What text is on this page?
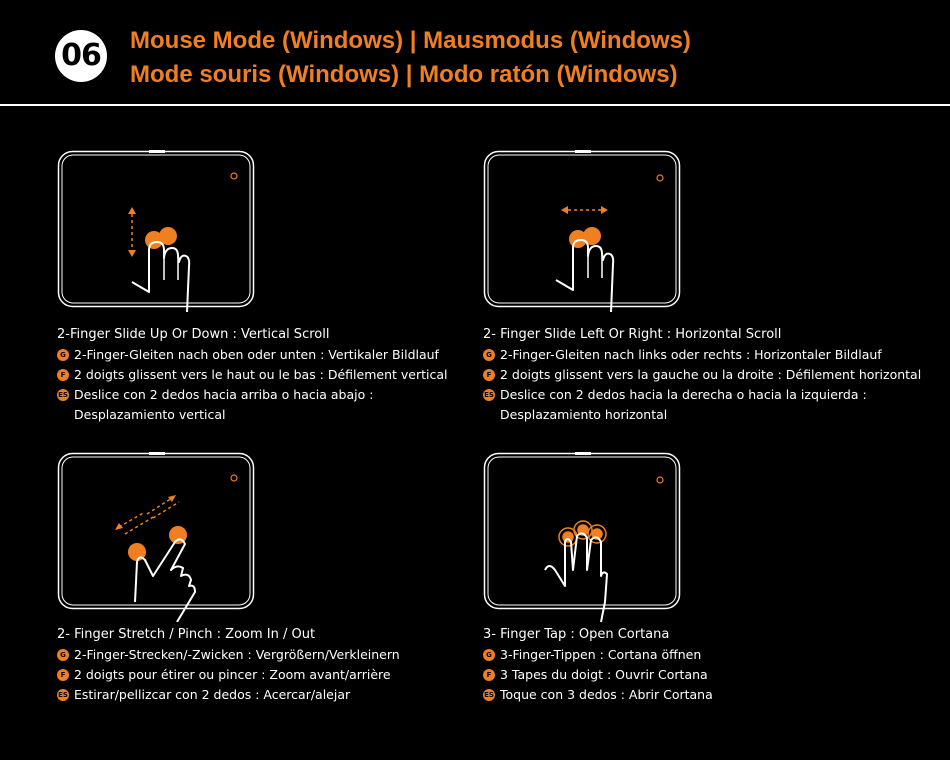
06 Mouse Mode (Windows) | Mausmodus (Windows)
Mode souris (Windows) | Modo ratón (Windows)
2-Finger Slide Up Or Down : Vertical Scroll
G 2-Finger-Gleiten nach oben oder unten : Vertikaler Bildlauf
F 2 doigts glissent vers le haut ou le bas : Défilement vertical
ES Deslice con 2 dedos hacia arriba o hacia abajo : Desplazamiento vertical
2- Finger Slide Left Or Right : Horizontal Scroll
G 2-Finger-Gleiten nach links oder rechts : Horizontaler Bildlauf
F 2 doigts glissent vers la gauche ou la droite : Défilement horizontal
ES Deslice con 2 dedos hacia la derecha o hacia la izquierda : Desplazamiento horizontal
2- Finger Stretch / Pinch : Zoom In / Out
G 2-Finger-Strecken/-Zwicken : Vergrößern/Verkleinern
F 2 doigts pour étirer ou pincer : Zoom avant/arrière
ES Estirar/pellizcar con 2 dedos : Acercar/alejar
3- Finger Tap : Open Cortana
G 3-Finger-Tippen : Cortana öffnen
F 3 Tapes du doigt : Ouvrir Cortana
ES Toque con 3 dedos : Abrir Cortana
